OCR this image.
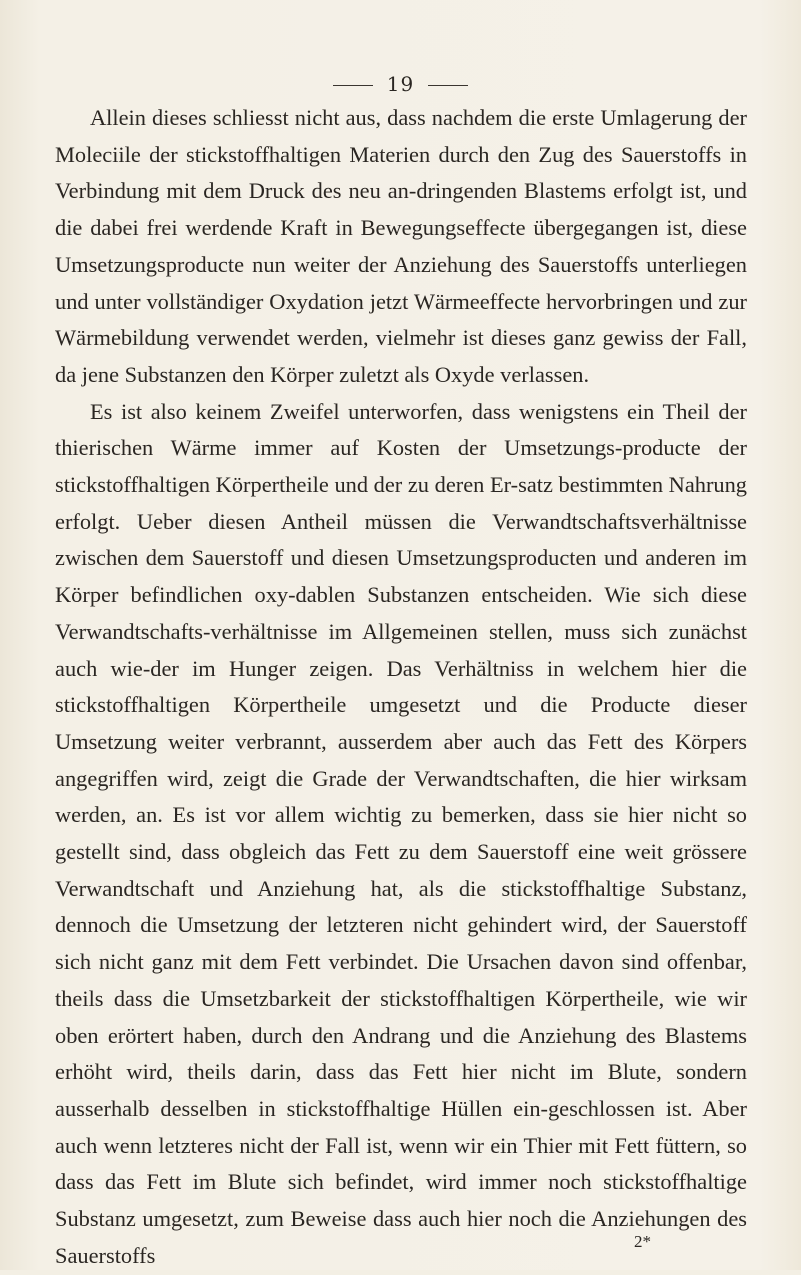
19

Allein dieses schliesst nicht aus, dass nachdem die erste Umlagerung der Moleciile der stickstoffhaltigen Materien durch den Zug des Sauerstoffs in Verbindung mit dem Druck des neu an-dringenden Blastems erfolgt ist, und die dabei frei werdende Kraft in Bewegungseffecte übergegangen ist, diese Umsetzungsproducte nun weiter der Anziehung des Sauerstoffs unterliegen und unter vollständiger Oxydation jetzt Wärmeeffecte hervorbringen und zur Wärmebildung verwendet werden, vielmehr ist dieses ganz gewiss der Fall, da jene Substanzen den Körper zuletzt als Oxyde verlassen.

Es ist also keinem Zweifel unterworfen, dass wenigstens ein Theil der thierischen Wärme immer auf Kosten der Umsetzungs-producte der stickstoffhaltigen Körpertheile und der zu deren Er-satz bestimmten Nahrung erfolgt. Ueber diesen Antheil müssen die Verwandtschaftsverhältnisse zwischen dem Sauerstoff und diesen Umsetzungsproducten und anderen im Körper befindlichen oxy-dablen Substanzen entscheiden. Wie sich diese Verwandtschafts-verhältnisse im Allgemeinen stellen, muss sich zunächst auch wie-der im Hunger zeigen. Das Verhältniss in welchem hier die stickstoffhaltigen Körpertheile umgesetzt und die Producte dieser Umsetzung weiter verbrannt, ausserdem aber auch das Fett des Körpers angegriffen wird, zeigt die Grade der Verwandtschaften, die hier wirksam werden, an. Es ist vor allem wichtig zu bemerken, dass sie hier nicht so gestellt sind, dass obgleich das Fett zu dem Sauerstoff eine weit grössere Verwandtschaft und Anziehung hat, als die stickstoffhaltige Substanz, dennoch die Umsetzung der letzteren nicht gehindert wird, der Sauerstoff sich nicht ganz mit dem Fett verbindet. Die Ursachen davon sind offenbar, theils dass die Umsetzbarkeit der stickstoffhaltigen Körpertheile, wie wir oben erörtert haben, durch den Andrang und die Anziehung des Blastems erhöht wird, theils darin, dass das Fett hier nicht im Blute, sondern ausserhalb desselben in stickstoffhaltige Hüllen ein-geschlossen ist. Aber auch wenn letzteres nicht der Fall ist, wenn wir ein Thier mit Fett füttern, so dass das Fett im Blute sich befindet, wird immer noch stickstoffhaltige Substanz umgesetzt, zum Beweise dass auch hier noch die Anziehungen des Sauerstoffs

2*
